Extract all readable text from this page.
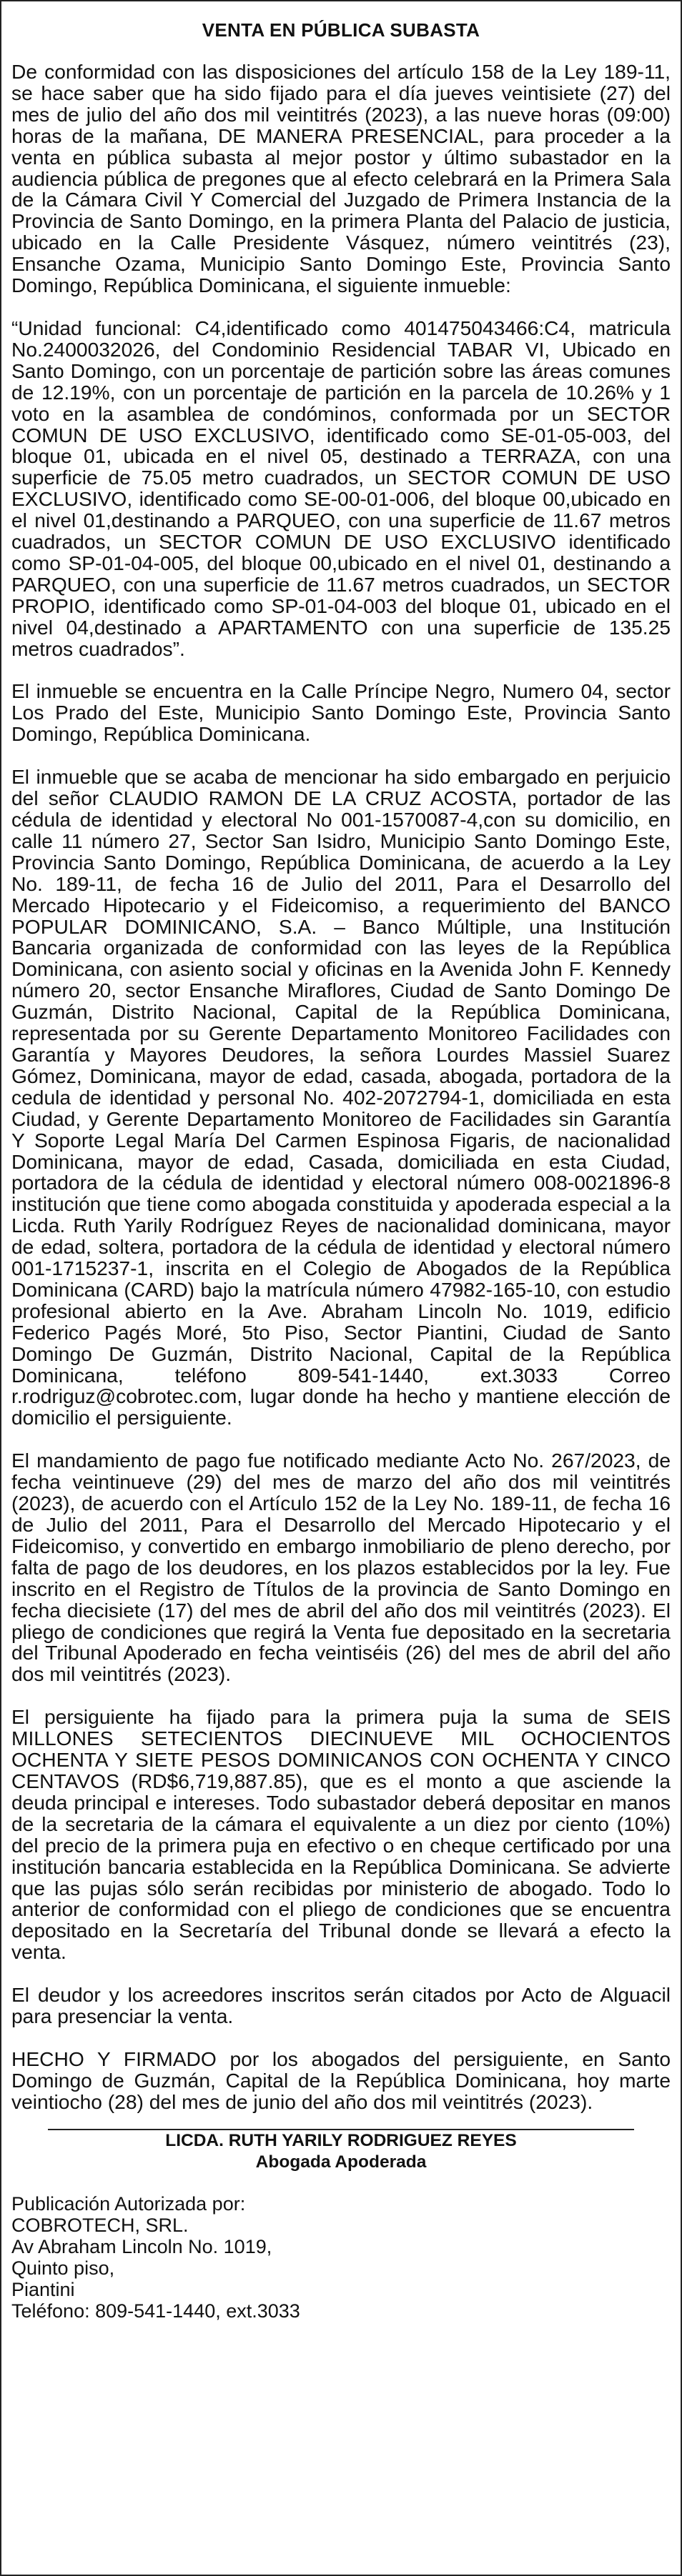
VENTA EN PÚBLICA SUBASTA

De conformidad con las disposiciones del artículo 158 de la Ley 189-11, se hace saber que ha sido fijado para el día jueves veintisiete (27) del mes de julio del año dos mil veintitrés (2023), a las nueve horas (09:00) horas de la mañana, DE MANERA PRESENCIAL, para proceder a la venta en pública subasta al mejor postor y último subastador en la audiencia pública de pregones que al efecto celebrará en la Primera Sala de la Cámara Civil Y Comercial del Juzgado de Primera Instancia de la Provincia de Santo Domingo, en la primera Planta del Palacio de justicia, ubicado en la Calle Presidente Vásquez, número veintitrés (23), Ensanche Ozama, Municipio Santo Domingo Este, Provincia Santo Domingo, República Dominicana, el siguiente inmueble:

“Unidad funcional: C4,identificado como 401475043466:C4, matricula No.2400032026, del Condominio Residencial TABAR VI, Ubicado en Santo Domingo, con un porcentaje de partición sobre las áreas comunes de 12.19%, con un porcentaje de partición en la parcela de 10.26% y 1 voto en la asamblea de condóminos, conformada por un SECTOR COMUN DE USO EXCLUSIVO, identificado como SE-01-05-003, del bloque 01, ubicada en el nivel 05, destinado a TERRAZA, con una superficie de 75.05 metro cuadrados, un SECTOR COMUN DE USO EXCLUSIVO, identificado como SE-00-01-006, del bloque 00,ubicado en el nivel 01,destinando a PARQUEO, con una superficie de 11.67 metros cuadrados, un SECTOR COMUN DE USO EXCLUSIVO identificado como SP-01-04-005, del bloque 00,ubicado en el nivel 01, destinando a PARQUEO, con una superficie de 11.67 metros cuadrados, un SECTOR PROPIO, identificado como SP-01-04-003 del bloque 01, ubicado en el nivel 04,destinado a APARTAMENTO con una superficie de 135.25 metros cuadrados”.

El inmueble se encuentra en la Calle Príncipe Negro, Numero 04, sector Los Prado del Este, Municipio Santo Domingo Este, Provincia Santo Domingo, República Dominicana.

El inmueble que se acaba de mencionar ha sido embargado en perjuicio del señor CLAUDIO RAMON DE LA CRUZ ACOSTA, portador de las cédula de identidad y electoral No 001-1570087-4,con su domicilio, en calle 11 número 27, Sector San Isidro, Municipio Santo Domingo Este, Provincia Santo Domingo, República Dominicana, de acuerdo a la Ley No. 189-11, de fecha 16 de Julio del 2011, Para el Desarrollo del Mercado Hipotecario y el Fideicomiso, a requerimiento del BANCO POPULAR DOMINICANO, S.A. – Banco Múltiple, una Institución Bancaria organizada de conformidad con las leyes de la República Dominicana, con asiento social y oficinas en la Avenida John F. Kennedy número 20, sector Ensanche Miraflores, Ciudad de Santo Domingo De Guzmán, Distrito Nacional, Capital de la República Dominicana, representada por su Gerente Departamento Monitoreo Facilidades con Garantía y Mayores Deudores, la señora Lourdes Massiel Suarez Gómez, Dominicana, mayor de edad, casada, abogada, portadora de la cedula de identidad y personal No. 402-2072794-1, domiciliada en esta Ciudad, y Gerente Departamento Monitoreo de Facilidades sin Garantía Y Soporte Legal María Del Carmen Espinosa Figaris, de nacionalidad Dominicana, mayor de edad, Casada, domiciliada en esta Ciudad, portadora de la cédula de identidad y electoral número 008-0021896-8 institución que tiene como abogada constituida y apoderada especial a la Licda. Ruth Yarily Rodríguez Reyes de nacionalidad dominicana, mayor de edad, soltera, portadora de la cédula de identidad y electoral número 001-1715237-1, inscrita en el Colegio de Abogados de la República Dominicana (CARD) bajo la matrícula número 47982-165-10, con estudio profesional abierto en la Ave. Abraham Lincoln No. 1019, edificio Federico Pagés Moré, 5to Piso, Sector Piantini, Ciudad de Santo Domingo De Guzmán, Distrito Nacional, Capital de la República Dominicana, teléfono 809-541-1440, ext.3033 Correo r.rodriguz@cobrotec.com, lugar donde ha hecho y mantiene elección de domicilio el persiguiente.

El mandamiento de pago fue notificado mediante Acto No. 267/2023, de fecha veintinueve (29) del mes de marzo del año dos mil veintitrés (2023), de acuerdo con el Artículo 152 de la Ley No. 189-11, de fecha 16 de Julio del 2011, Para el Desarrollo del Mercado Hipotecario y el Fideicomiso, y convertido en embargo inmobiliario de pleno derecho, por falta de pago de los deudores, en los plazos establecidos por la ley. Fue inscrito en el Registro de Títulos de la provincia de Santo Domingo en fecha diecisiete (17) del mes de abril del año dos mil veintitrés (2023). El pliego de condiciones que regirá la Venta fue depositado en la secretaria del Tribunal Apoderado en fecha veintiséis (26) del mes de abril del año dos mil veintitrés (2023).

El persiguiente ha fijado para la primera puja la suma de SEIS MILLONES SETECIENTOS DIECINUEVE MIL OCHOCIENTOS OCHENTA Y SIETE PESOS DOMINICANOS CON OCHENTA Y CINCO CENTAVOS (RD$6,719,887.85), que es el monto a que asciende la deuda principal e intereses. Todo subastador deberá depositar en manos de la secretaria de la cámara el equivalente a un diez por ciento (10%) del precio de la primera puja en efectivo o en cheque certificado por una institución bancaria establecida en la República Dominicana. Se advierte que las pujas sólo serán recibidas por ministerio de abogado. Todo lo anterior de conformidad con el pliego de condiciones que se encuentra depositado en la Secretaría del Tribunal donde se llevará a efecto la venta.

El deudor y los acreedores inscritos serán citados por Acto de Alguacil para presenciar la venta.

HECHO Y FIRMADO por los abogados del persiguiente, en Santo Domingo de Guzmán, Capital de la República Dominicana, hoy marte veintiocho (28) del mes de junio del año dos mil veintitrés (2023).

LICDA. RUTH YARILY RODRIGUEZ REYES
Abogada Apoderada
Publicación Autorizada por:
COBROTECH, SRL.
Av Abraham Lincoln No. 1019,
Quinto piso,
Piantini
Teléfono: 809-541-1440, ext.3033
